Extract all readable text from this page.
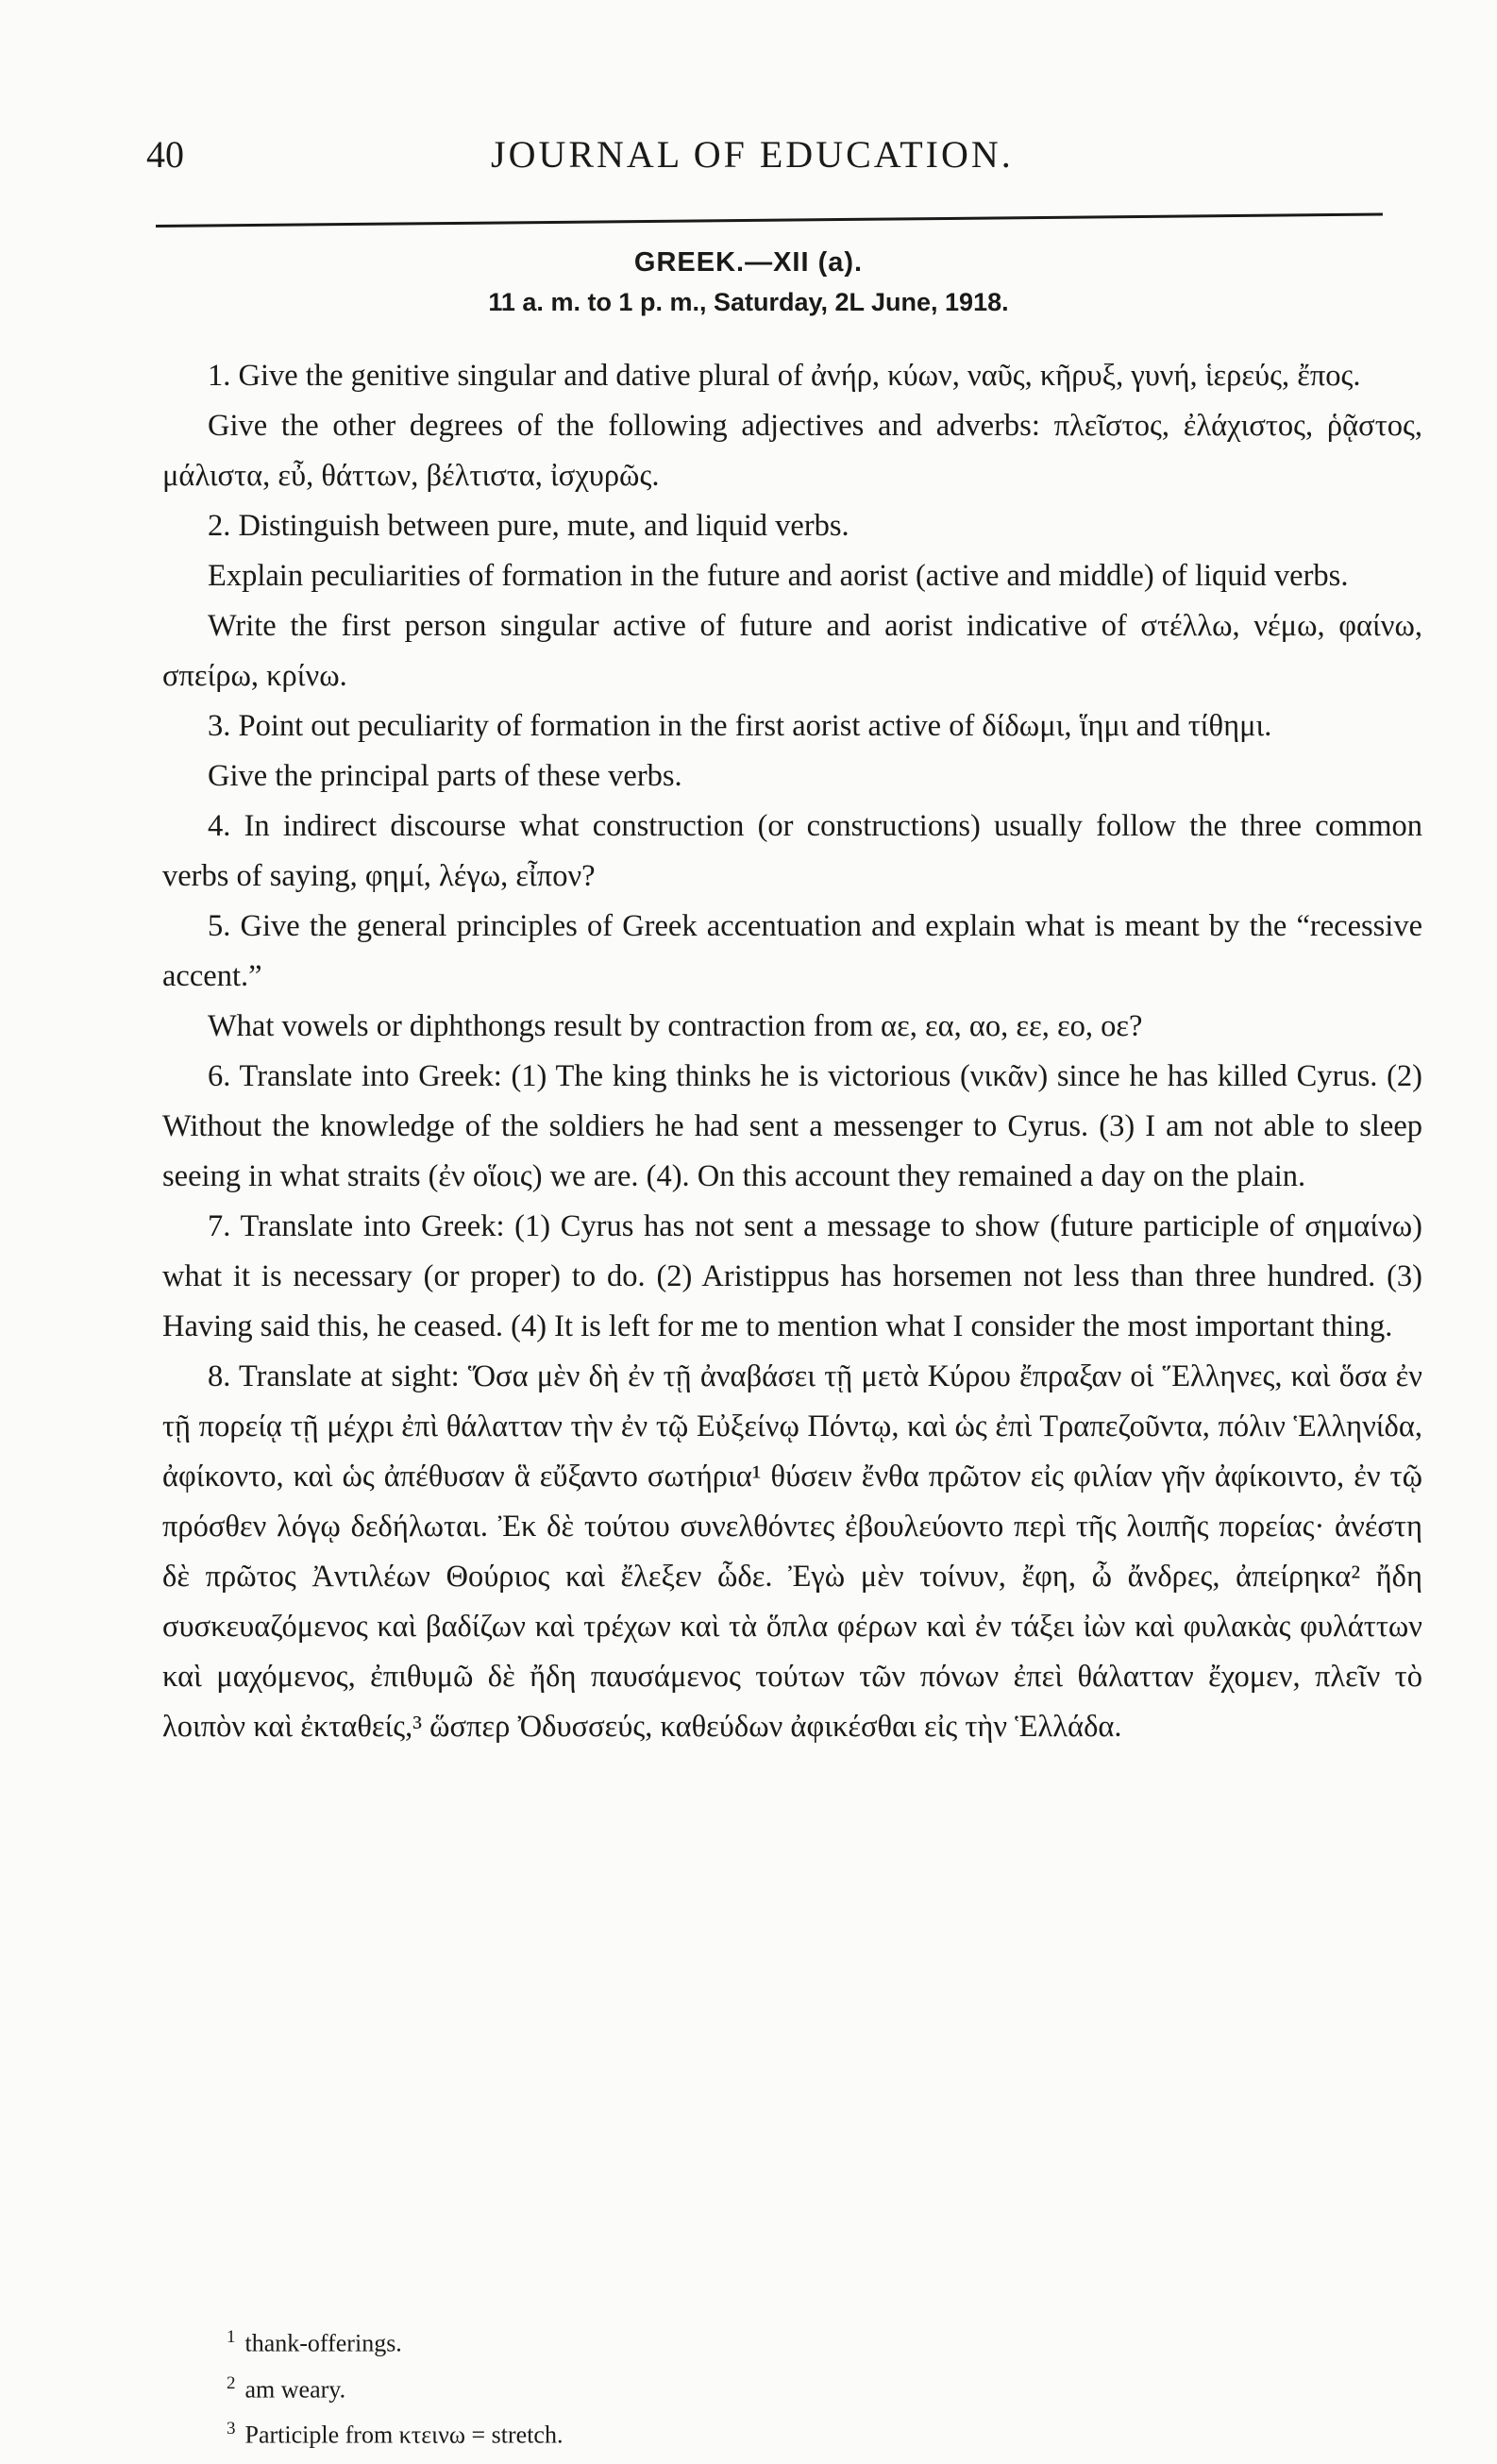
40	JOURNAL OF EDUCATION.
GREEK.—XII (a).
11 a. m. to 1 p. m., Saturday, 2L June, 1918.

1. Give the genitive singular and dative plural of ἀνήρ, κύων, ναῦς, κῆρυξ, γυνή, ἱερεύς, ἔπος.

Give the other degrees of the following adjectives and adverbs: πλεῖστος, ἐλάχιστος, ῥᾷστος, μάλιστα, εὖ, θάττων, βέλτιστα, ἰσχυρῶς.

2. Distinguish between pure, mute, and liquid verbs.

Explain peculiarities of formation in the future and aorist (active and middle) of liquid verbs.

Write the first person singular active of future and aorist indicative of στέλλω, νέμω, φαίνω, σπείρω, κρίνω.

3. Point out peculiarity of formation in the first aorist active of δίδωμι, ἵημι and τίθημι.

Give the principal parts of these verbs.

4. In indirect discourse what construction (or constructions) usually follow the three common verbs of saying, φημί, λέγω, εἶπον?

5. Give the general principles of Greek accentuation and explain what is meant by the “recessive accent.”

What vowels or diphthongs result by contraction from αε, εα, αο, εε, εο, οε?

6. Translate into Greek: (1) The king thinks he is victorious (νικᾶν) since he has killed Cyrus. (2) Without the knowledge of the soldiers he had sent a messenger to Cyrus. (3) I am not able to sleep seeing in what straits (ἐν οἵοις) we are. (4). On this account they remained a day on the plain.

7. Translate into Greek: (1) Cyrus has not sent a message to show (future participle of σημαίνω) what it is necessary (or proper) to do. (2) Aristippus has horsemen not less than three hundred. (3) Having said this, he ceased. (4) It is left for me to mention what I consider the most important thing.

8. Translate at sight: Ὅσα μὲν δὴ ἐν τῇ ἀναβάσει τῇ μετὰ Κύρου ἔπραξαν οἱ Ἕλληνες, καὶ ὅσα ἐν τῇ πορείᾳ τῇ μέχρι ἐπὶ θάλατταν τὴν ἐν τῷ Εὐξείνῳ Πόντῳ, καὶ ὡς ἐπὶ Τραπεζοῦντα, πόλιν Ἑλληνίδα, ἀφίκοντο, καὶ ὡς ἀπέθυσαν ἃ εὔξαντο σωτήρια¹ θύσειν ἔνθα πρῶτον εἰς φιλίαν γῆν ἀφίκοιντο, ἐν τῷ πρόσθεν λόγῳ δεδήλωται. Ἐκ δὲ τούτου συνελθόντες ἐβουλεύοντο περὶ τῆς λοιπῆς πορείας· ἀνέστη δὲ πρῶτος Ἀντιλέων Θούριος καὶ ἔλεξεν ὧδε. Ἐγὼ μὲν τοίνυν, ἔφη, ὦ ἄνδρες, ἀπείρηκα² ἤδη συσκευαζόμενος καὶ βαδίζων καὶ τρέχων καὶ τὰ ὅπλα φέρων καὶ ἐν τάξει ἰὼν καὶ φυλακὰς φυλάττων καὶ μαχόμενος, ἐπιθυμῶ δὲ ἤδη παυσάμενος τούτων τῶν πόνων ἐπεὶ θάλατταν ἔχομεν, πλεῖν τὸ λοιπὸν καὶ ἐκταθείς,³ ὥσπερ Ὀδυσσεύς, καθεύδων ἀφικέσθαι εἰς τὴν Ἑλλάδα.

$^1$ thank-offerings.
$^2$ am weary.
$^3$ Participle from κτεινω = stretch.
